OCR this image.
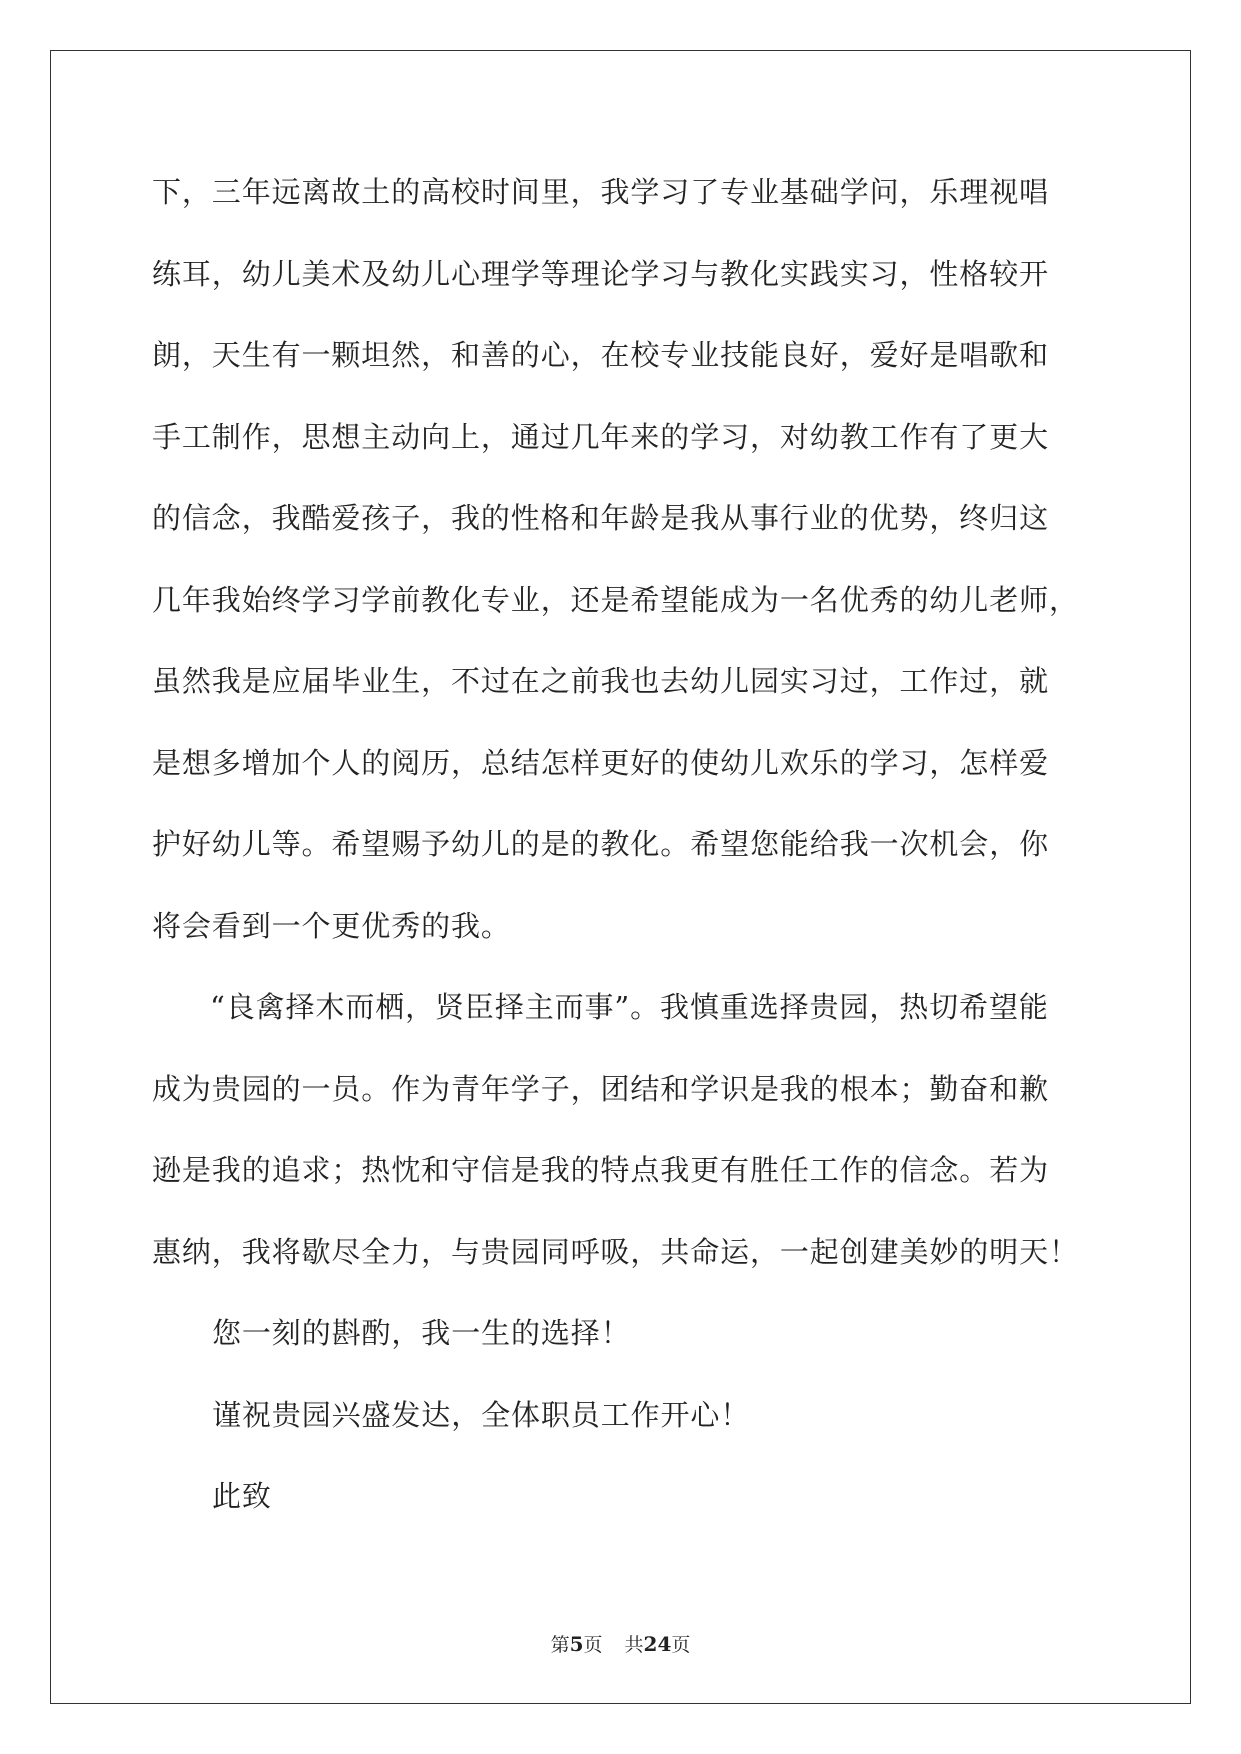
下，三年远离故土的高校时间里，我学习了专业基础学问，乐理视唱
练耳，幼儿美术及幼儿心理学等理论学习与教化实践实习，性格较开
朗，天生有一颗坦然，和善的心，在校专业技能良好，爱好是唱歌和
手工制作，思想主动向上，通过几年来的学习，对幼教工作有了更大
的信念，我酷爱孩子，我的性格和年龄是我从事行业的优势，终归这
几年我始终学习学前教化专业，还是希望能成为一名优秀的幼儿老师，
虽然我是应届毕业生，不过在之前我也去幼儿园实习过，工作过，就
是想多增加个人的阅历，总结怎样更好的使幼儿欢乐的学习，怎样爱
护好幼儿等。希望赐予幼儿的是的教化。希望您能给我一次机会，你
将会看到一个更优秀的我。
“良禽择木而栖，贤臣择主而事”。我慎重选择贵园，热切希望能
成为贵园的一员。作为青年学子，团结和学识是我的根本；勤奋和歉
逊是我的追求；热忱和守信是我的特点我更有胜任工作的信念。若为
惠纳，我将歇尽全力，与贵园同呼吸，共命运，一起创建美妙的明天！
您一刻的斟酌，我一生的选择！
谨祝贵园兴盛发达，全体职员工作开心！
此致
第5页 共24页
